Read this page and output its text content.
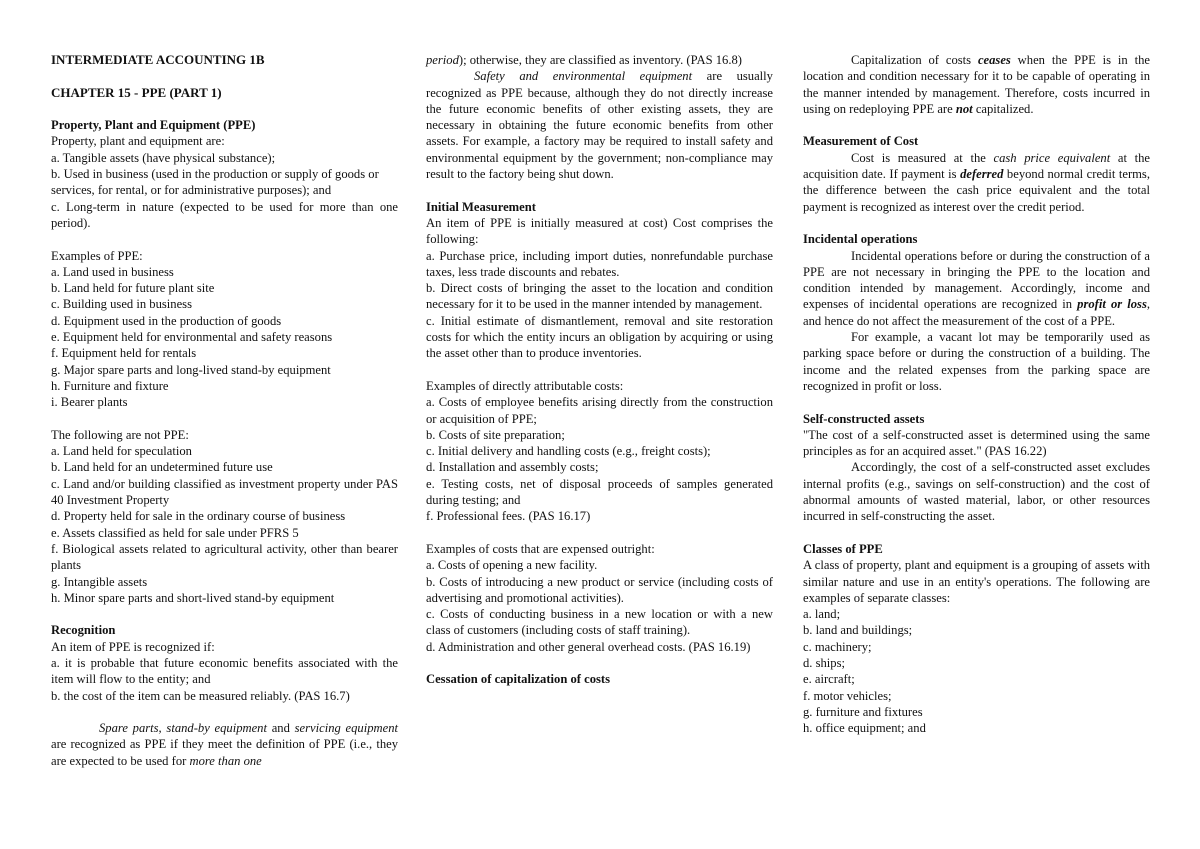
INTERMEDIATE ACCOUNTING 1B

CHAPTER 15 - PPE (PART 1)

Property, Plant and Equipment (PPE)

Property, plant and equipment are:

a. Tangible assets (have physical substance);

b. Used in business (used in the production or supply of goods or

services, for rental, or for administrative purposes); and

c. Long-term in nature (expected to be used for more than one period).

Examples of PPE:

a. Land used in business

b. Land held for future plant site

c. Building used in business

d. Equipment used in the production of goods

e. Equipment held for environmental and safety reasons

f. Equipment held for rentals

g. Major spare parts and long-lived stand-by equipment

h. Furniture and fixture

i. Bearer plants

The following are not PPE:

a. Land held for speculation

b. Land held for an undetermined future use

c. Land and/or building classified as investment property under PAS 40 Investment Property

d. Property held for sale in the ordinary course of business

e. Assets classified as held for sale under PFRS 5

f. Biological assets related to agricultural activity, other than bearer plants

g. Intangible assets

h. Minor spare parts and short-lived stand-by equipment

Recognition

An item of PPE is recognized if:

a. it is probable that future economic benefits associated with the item will flow to the entity; and

b. the cost of the item can be measured reliably. (PAS 16.7)

Spare parts, stand-by equipment and servicing equipment are recognized as PPE if they meet the definition of PPE (i.e., they are expected to be used for more than one

period); otherwise, they are classified as inventory. (PAS 16.8)

Safety and environmental equipment are usually recognized as PPE because, although they do not directly increase the future economic benefits of other existing assets, they are necessary in obtaining the future economic benefits from other assets. For example, a factory may be required to install safety and environmental equipment by the government; non-compliance may result to the factory being shut down.

Initial Measurement

An item of PPE is initially measured at cost) Cost comprises the following:

a. Purchase price, including import duties, nonrefundable purchase taxes, less trade discounts and rebates.

b. Direct costs of bringing the asset to the location and condition necessary for it to be used in the manner intended by management.

c. Initial estimate of dismantlement, removal and site restoration costs for which the entity incurs an obligation by acquiring or using the asset other than to produce inventories.

Examples of directly attributable costs:

a. Costs of employee benefits arising directly from the construction or acquisition of PPE;

b. Costs of site preparation;

c. Initial delivery and handling costs (e.g., freight costs);

d. Installation and assembly costs;

e. Testing costs, net of disposal proceeds of samples generated during testing; and

f. Professional fees. (PAS 16.17)

Examples of costs that are expensed outright:

a. Costs of opening a new facility.

b. Costs of introducing a new product or service (including costs of advertising and promotional activities).

c. Costs of conducting business in a new location or with a new class of customers (including costs of staff training).

d. Administration and other general overhead costs. (PAS 16.19)

Cessation of capitalization of costs

Capitalization of costs ceases when the PPE is in the location and condition necessary for it to be capable of operating in the manner intended by management. Therefore, costs incurred in using on redeploying PPE are not capitalized.

Measurement of Cost

Cost is measured at the cash price equivalent at the acquisition date. If payment is deferred beyond normal credit terms, the difference between the cash price equivalent and the total payment is recognized as interest over the credit period.

Incidental operations

Incidental operations before or during the construction of a PPE are not necessary in bringing the PPE to the location and condition intended by management. Accordingly, income and expenses of incidental operations are recognized in profit or loss, and hence do not affect the measurement of the cost of a PPE.

For example, a vacant lot may be temporarily used as parking space before or during the construction of a building. The income and the related expenses from the parking space are recognized in profit or loss.

Self-constructed assets

"The cost of a self-constructed asset is determined using the same principles as for an acquired asset." (PAS 16.22)

Accordingly, the cost of a self-constructed asset excludes internal profits (e.g., savings on self-construction) and the cost of abnormal amounts of wasted material, labor, or other resources incurred in self-constructing the asset.

Classes of PPE

A class of property, plant and equipment is a grouping of assets with similar nature and use in an entity's operations. The following are examples of separate classes:

a. land;

b. land and buildings;

c. machinery;

d. ships;

e. aircraft;

f. motor vehicles;

g. furniture and fixtures

h. office equipment; and
